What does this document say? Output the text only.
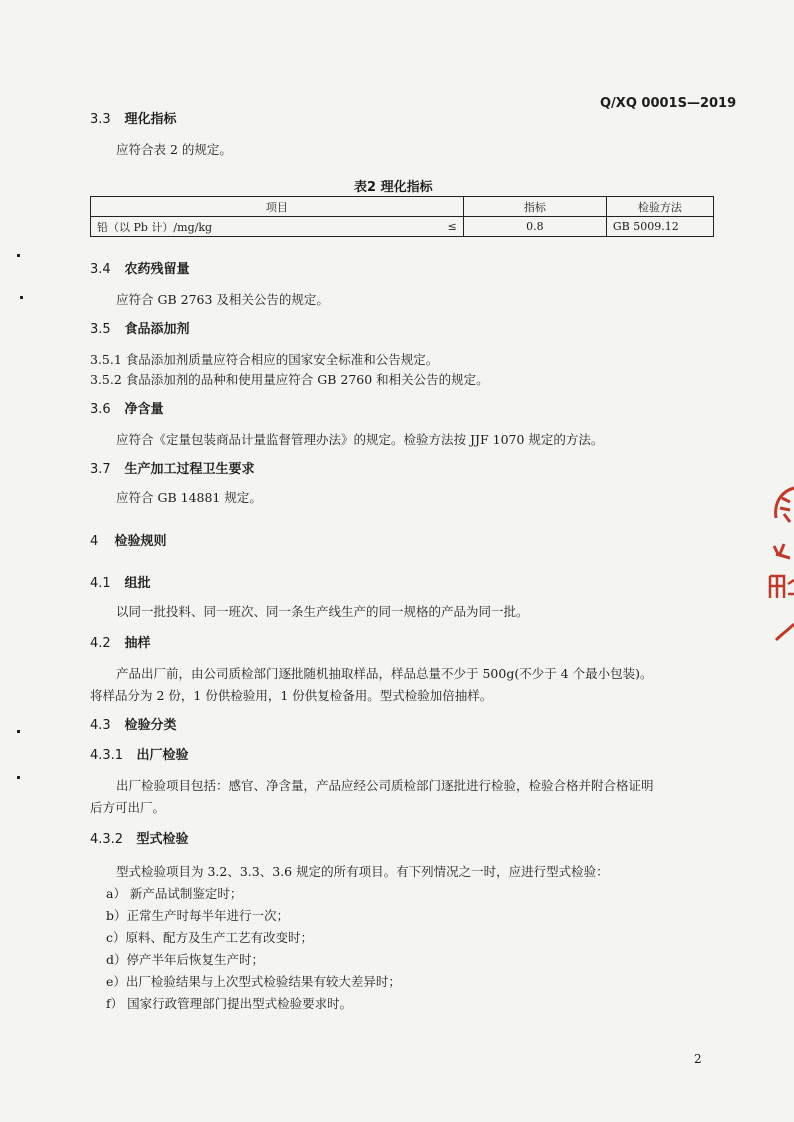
Q/XQ 0001S—2019
3.3 理化指标
应符合表 2 的规定。
表2 理化指标
项目		指标	检验方法
铅（以 Pb 计）/mg/kg	≤	0.8	GB 5009.12
3.4 农药残留量
应符合 GB 2763 及相关公告的规定。
3.5 食品添加剂
3.5.1 食品添加剂质量应符合相应的国家安全标准和公告规定。
3.5.2 食品添加剂的品种和使用量应符合 GB 2760 和相关公告的规定。
3.6 净含量
应符合《定量包装商品计量监督管理办法》的规定。检验方法按 JJF 1070 规定的方法。
3.7 生产加工过程卫生要求
应符合 GB 14881 规定。
4 检验规则
4.1 组批
以同一批投料、同一班次、同一条生产线生产的同一规格的产品为同一批。
4.2 抽样
产品出厂前，由公司质检部门逐批随机抽取样品，样品总量不少于 500g(不少于 4 个最小包装)。
将样品分为 2 份，1 份供检验用，1 份供复检备用。型式检验加倍抽样。
4.3 检验分类
4.3.1 出厂检验
出厂检验项目包括：感官、净含量，产品应经公司质检部门逐批进行检验，检验合格并附合格证明
后方可出厂。
4.3.2 型式检验
型式检验项目为 3.2、3.3、3.6 规定的所有项目。有下列情况之一时，应进行型式检验：
a） 新产品试制鉴定时；
b）正常生产时每半年进行一次；
c）原料、配方及生产工艺有改变时；
d）停产半年后恢复生产时；
e）出厂检验结果与上次型式检验结果有较大差异时；
f） 国家行政管理部门提出型式检验要求时。
2
